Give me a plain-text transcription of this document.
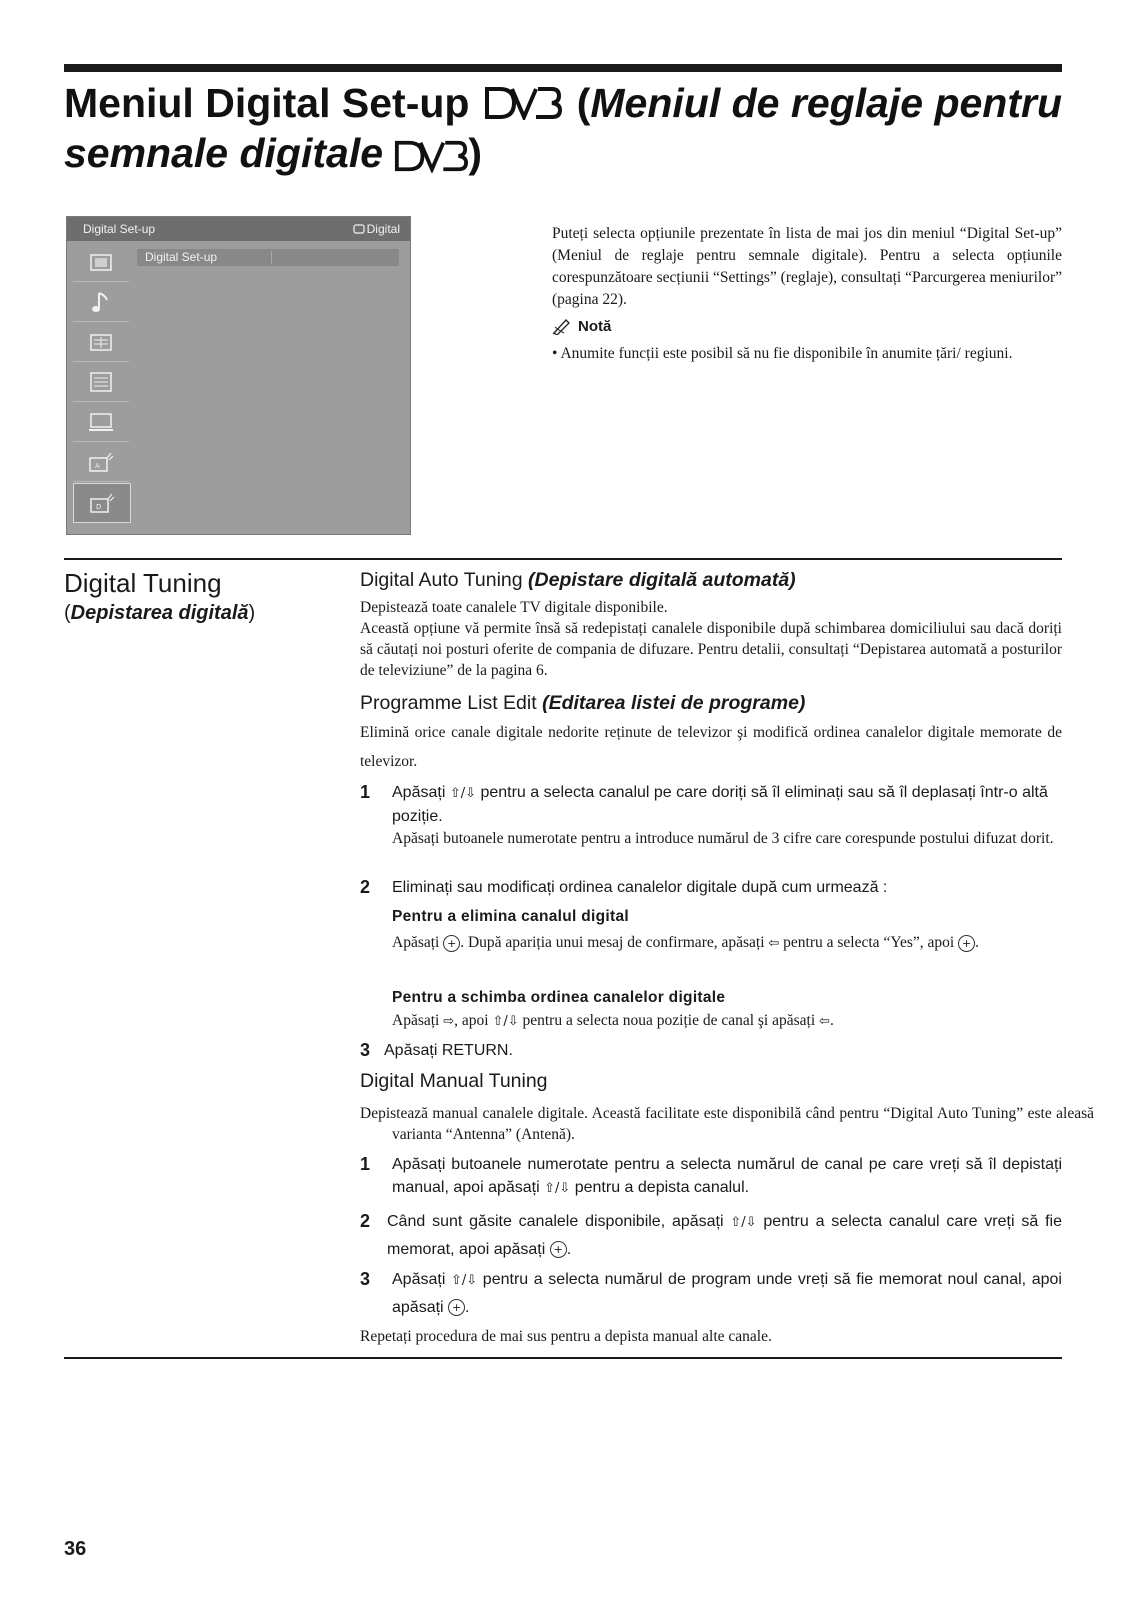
Meniul Digital Set-up	(Meniul de reglaje pentru
semnale digitale )
Digital Set-up	Digital
A
D
Digital Set-up
Puteți selecta opțiunile prezentate în lista de mai jos din meniul “Digital Set-up” (Meniul de reglaje pentru semnale digitale). Pentru a selecta opțiunile corespunzătoare secțiunii “Settings” (reglaje), consultați “Parcurgerea meniurilor” (pagina 22).
Notă
• Anumite funcții este posibil să nu fie disponibile în anumite țări/ regiuni.
Digital Tuning
(Depistarea digitală)
Digital Auto Tuning (Depistare digitală automată)
Depistează toate canalele TV digitale disponibile.
Această opțiune vă permite însă să redepistați canalele disponibile după schimbarea domiciliului sau dacă doriți să căutați noi posturi oferite de compania de difuzare. Pentru detalii, consultați “Depistarea automată a posturilor de televiziune” de la pagina 6.
Programme List Edit (Editarea listei de programe)
Elimină orice canale digitale nedorite reținute de televizor şi modifică ordinea canalelor digitale memorate de televizor.
1 Apăsați ⇧/⇩ pentru a selecta canalul pe care doriți să îl eliminați sau să îl deplasați într-o altă poziție.
Apăsați butoanele numerotate pentru a introduce numărul de 3 cifre care corespunde postului difuzat dorit.
2 Eliminați sau modificați ordinea canalelor digitale după cum urmează :
Pentru a elimina canalul digital
Apăsați + . După apariția unui mesaj de confirmare, apăsați ⇦ pentru a selecta “Yes”, apoi + .
Pentru a schimba ordinea canalelor digitale
Apăsați ⇨, apoi ⇧/⇩ pentru a selecta noua poziție de canal şi apăsați ⇦.
3 Apăsați RETURN.
Digital Manual Tuning
Depistează manual canalele digitale. Această facilitate este disponibilă când pentru “Digital Auto Tuning” este aleasă varianta “Antenna” (Antenă).
1 Apăsați butoanele numerotate pentru a selecta numărul de canal pe care vreți să îl depistați manual, apoi apăsați ⇧/⇩ pentru a depista canalul.
2 Când sunt găsite canalele disponibile, apăsați ⇧/⇩ pentru a selecta canalul care vreți să fie memorat, apoi apăsați + .
3 Apăsați ⇧/⇩ pentru a selecta numărul de program unde vreți să fie memorat noul canal, apoi apăsați + .
Repetați procedura de mai sus pentru a depista manual alte canale.
36
